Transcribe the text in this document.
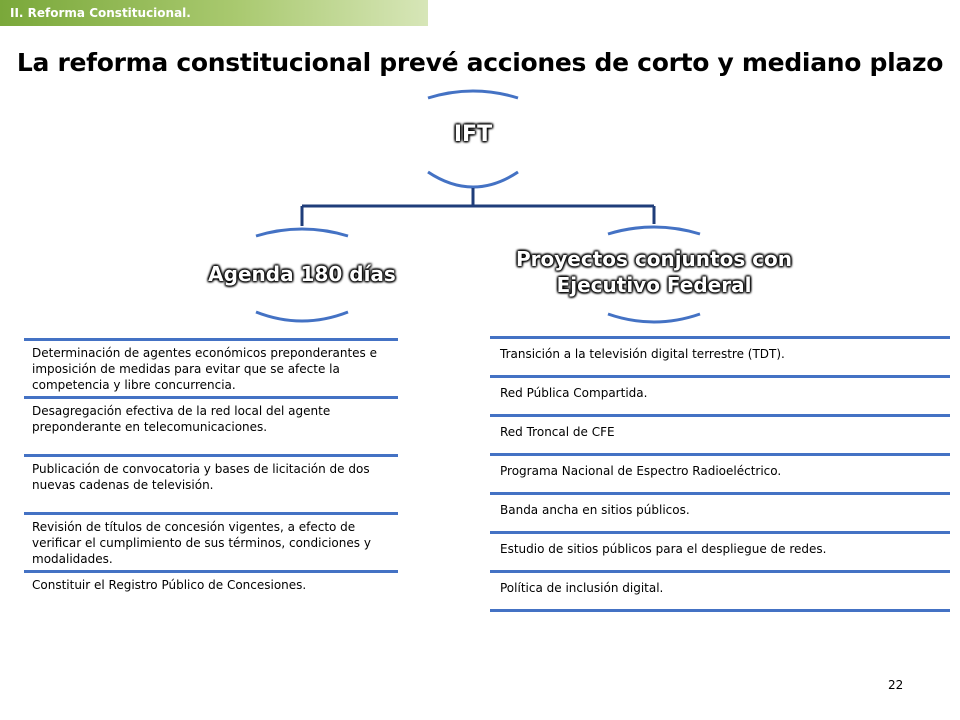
II. Reforma Constitucional.
La reforma constitucional prevé acciones de corto y mediano plazo
IFT
Agenda 180 días
Proyectos conjuntos con Ejecutivo Federal
Determinación de agentes económicos preponderantes e imposición de medidas para evitar que se afecte la competencia y libre concurrencia.
Desagregación efectiva de la red local del agente preponderante en telecomunicaciones.
Publicación de convocatoria y bases de licitación de dos nuevas cadenas de televisión.
Revisión de títulos de concesión vigentes, a efecto de verificar el cumplimiento de sus términos, condiciones y modalidades.
Constituir el Registro Público de Concesiones.
Transición a la televisión digital terrestre (TDT).
Red Pública Compartida.
Red Troncal de CFE
Programa Nacional de Espectro Radioeléctrico.
Banda ancha en sitios públicos.
Estudio de sitios públicos para el despliegue de redes.
Política de inclusión digital.
22
